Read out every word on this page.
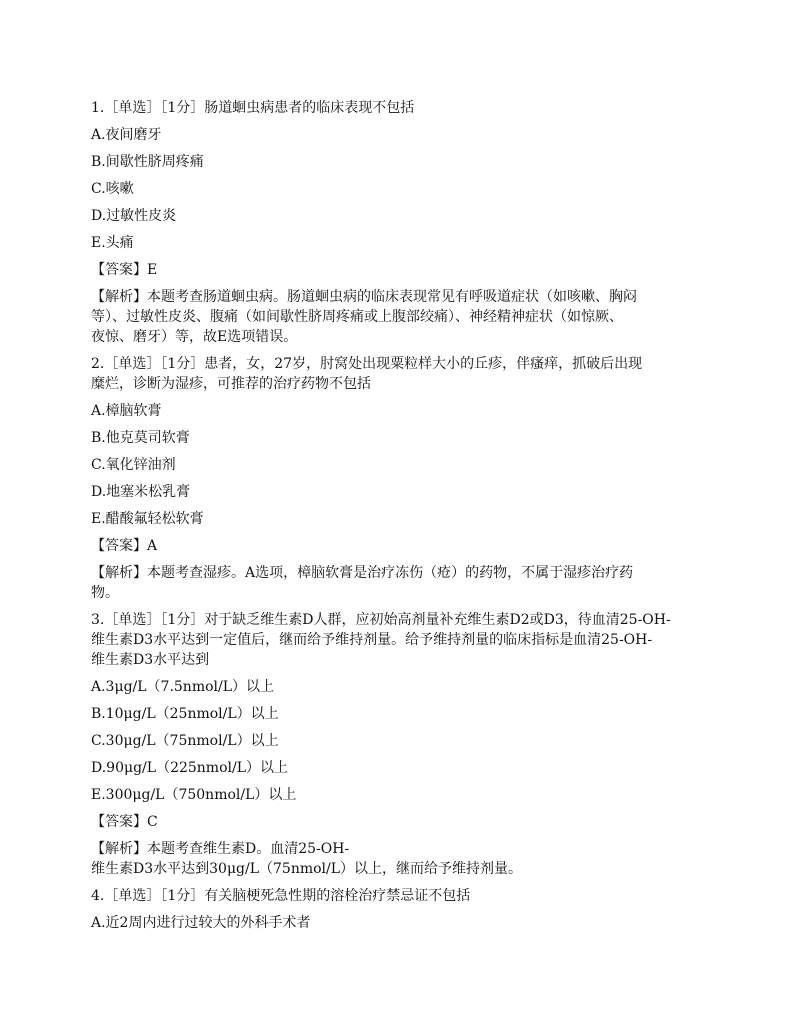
1.［单选］［1分］肠道蛔虫病患者的临床表现不包括
A.夜间磨牙
B.间歇性脐周疼痛
C.咳嗽
D.过敏性皮炎
E.头痛
【答案】E
【解析】本题考查肠道蛔虫病。肠道蛔虫病的临床表现常见有呼吸道症状（如咳嗽、胸闷
等）、过敏性皮炎、腹痛（如间歇性脐周疼痛或上腹部绞痛）、神经精神症状（如惊厥、
夜惊、磨牙）等，故E选项错误。
2.［单选］［1分］患者，女，27岁，肘窝处出现粟粒样大小的丘疹，伴瘙痒，抓破后出现
糜烂，诊断为湿疹，可推荐的治疗药物不包括
A.樟脑软膏
B.他克莫司软膏
C.氧化锌油剂
D.地塞米松乳膏
E.醋酸氟轻松软膏
【答案】A
【解析】本题考查湿疹。A选项，樟脑软膏是治疗冻伤（疮）的药物，不属于湿疹治疗药
物。
3.［单选］［1分］对于缺乏维生素D人群，应初始高剂量补充维生素D2或D3，待血清25-OH-
维生素D3水平达到一定值后，继而给予维持剂量。给予维持剂量的临床指标是血清25-OH-
维生素D3水平达到
A.3μg/L（7.5nmol/L）以上
B.10μg/L（25nmol/L）以上
C.30μg/L（75nmol/L）以上
D.90μg/L（225nmol/L）以上
E.300μg/L（750nmol/L）以上
【答案】C
【解析】本题考查维生素D。血清25-OH-
维生素D3水平达到30μg/L（75nmol/L）以上，继而给予维持剂量。
4.［单选］［1分］有关脑梗死急性期的溶栓治疗禁忌证不包括
A.近2周内进行过较大的外科手术者
